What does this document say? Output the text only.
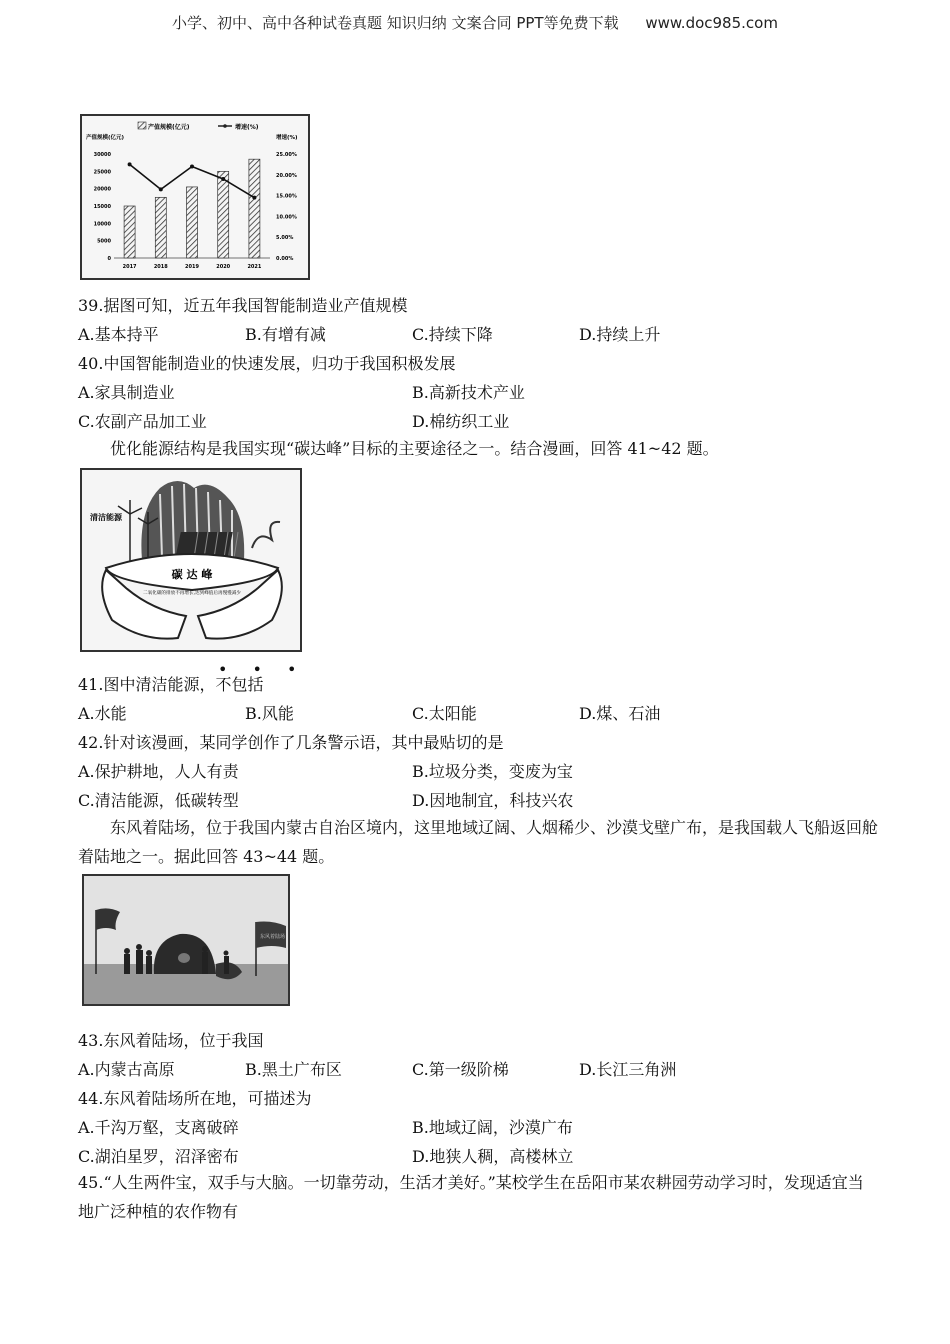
小学、初中、高中各种试卷真题 知识归纳 文案合同 PPT等免费下载 www.doc985.com
产值规模(亿元)	增速(%)
产值规模(亿元)	增速(%)
30000
25000
20000
15000
10000
5000
0
25.00%
20.00%
15.00%
10.00%
5.00%
0.00%
2017	2018	2019	2020	2021
39.据图可知，近五年我国智能制造业产值规模
A.基本持平	B.有增有减	C.持续下降	D.持续上升
40.中国智能制造业的快速发展，归功于我国积极发展
A.家具制造业	B.高新技术产业
C.农副产品加工业	D.棉纺织工业
优化能源结构是我国实现“碳达峰”目标的主要途径之一。结合漫画，回答 41~42 题。
清洁能源
碳 达 峰
二氧化碳的排放不再增长,达到峰值后再慢慢减少
• • •
41.图中清洁能源，不包括
A.水能	B.风能	C.太阳能	D.煤、石油
42.针对该漫画，某同学创作了几条警示语，其中最贴切的是
A.保护耕地，人人有责	B.垃圾分类，变废为宝
C.清洁能源，低碳转型	D.因地制宜，科技兴农
东风着陆场，位于我国内蒙古自治区境内，这里地域辽阔、人烟稀少、沙漠戈壁广布，是我国载人飞船返回舱着陆地之一。据此回答 43~44 题。
东风着陆场
43.东风着陆场，位于我国
A.内蒙古高原	B.黑土广布区	C.第一级阶梯	D.长江三角洲
44.东风着陆场所在地，可描述为
A.千沟万壑，支离破碎	B.地域辽阔，沙漠广布
C.湖泊星罗，沼泽密布	D.地狭人稠，高楼林立
45.“人生两件宝，双手与大脑。一切靠劳动，生活才美好。”某校学生在岳阳市某农耕园劳动学习时，发现适宜当地广泛种植的农作物有
